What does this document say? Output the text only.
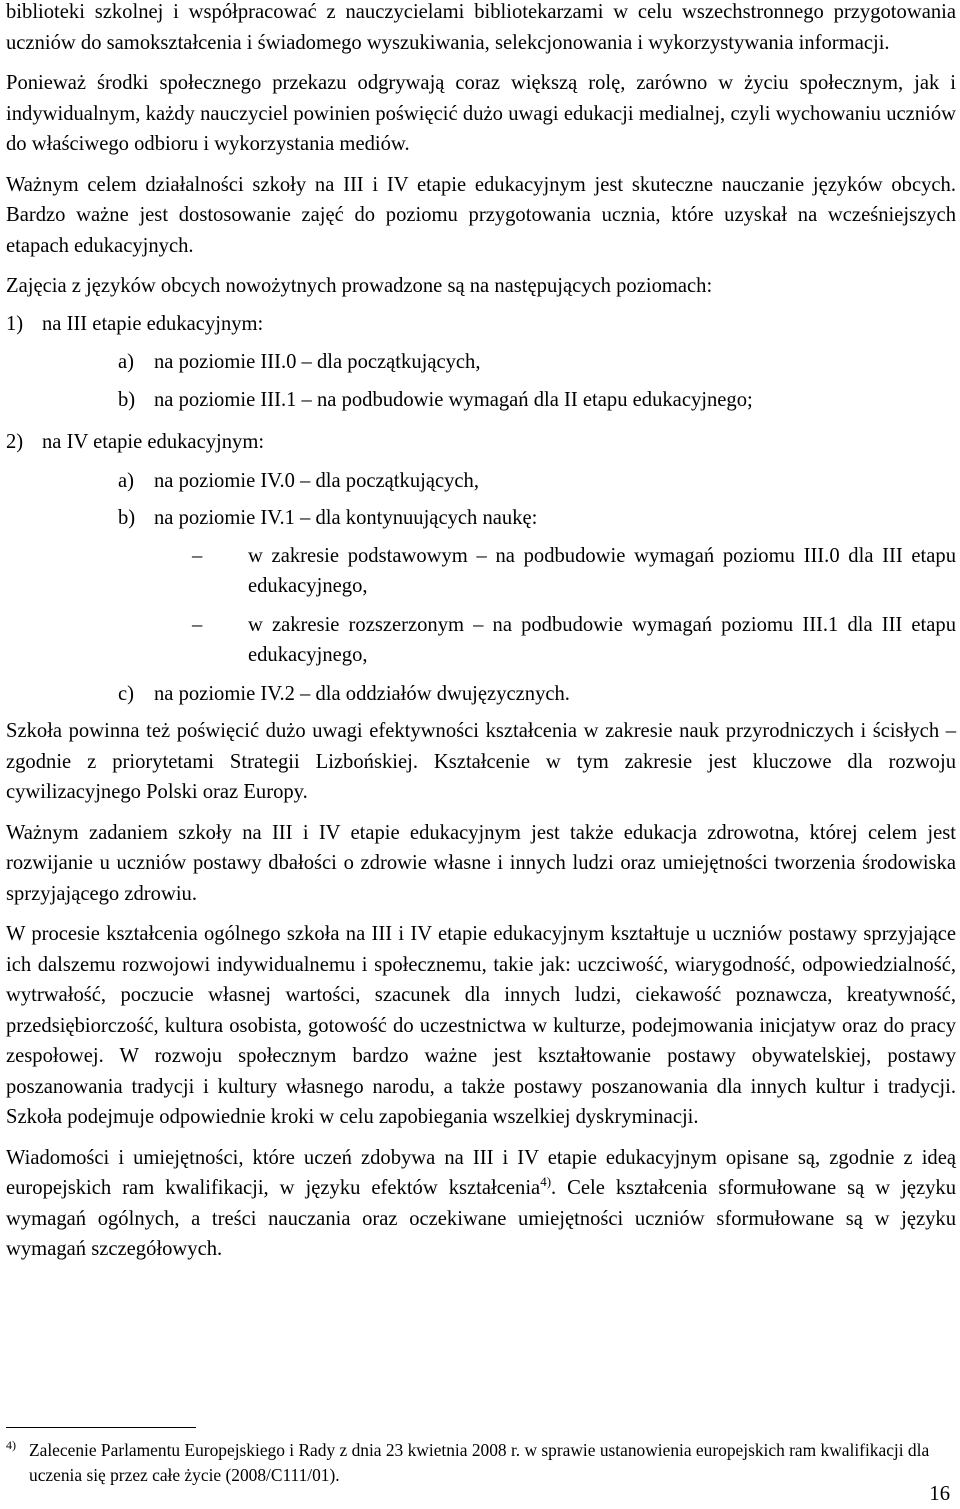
biblioteki szkolnej i współpracować z nauczycielami bibliotekarzami w celu wszechstronnego przygotowania uczniów do samokształcenia i świadomego wyszukiwania, selekcjonowania i wykorzystywania informacji.

Ponieważ środki społecznego przekazu odgrywają coraz większą rolę, zarówno w życiu społecznym, jak i indywidualnym, każdy nauczyciel powinien poświęcić dużo uwagi edukacji medialnej, czyli wychowaniu uczniów do właściwego odbioru i wykorzystania mediów.

Ważnym celem działalności szkoły na III i IV etapie edukacyjnym jest skuteczne nauczanie języków obcych. Bardzo ważne jest dostosowanie zajęć do poziomu przygotowania ucznia, które uzyskał na wcześniejszych etapach edukacyjnych.

Zajęcia z języków obcych nowożytnych prowadzone są na następujących poziomach:

1) na III etapie edukacyjnym:
a) na poziomie III.0 – dla początkujących,
b) na poziomie III.1 – na podbudowie wymagań dla II etapu edukacyjnego;
2) na IV etapie edukacyjnym:
a) na poziomie IV.0 – dla początkujących,
b) na poziomie IV.1 – dla kontynuujących naukę:
– w zakresie podstawowym – na podbudowie wymagań poziomu III.0 dla III etapu edukacyjnego,
– w zakresie rozszerzonym – na podbudowie wymagań poziomu III.1 dla III etapu edukacyjnego,
c) na poziomie IV.2 – dla oddziałów dwujęzycznych.

Szkoła powinna też poświęcić dużo uwagi efektywności kształcenia w zakresie nauk przyrodniczych i ścisłych – zgodnie z priorytetami Strategii Lizbońskiej. Kształcenie w tym zakresie jest kluczowe dla rozwoju cywilizacyjnego Polski oraz Europy.

Ważnym zadaniem szkoły na III i IV etapie edukacyjnym jest także edukacja zdrowotna, której celem jest rozwijanie u uczniów postawy dbałości o zdrowie własne i innych ludzi oraz umiejętności tworzenia środowiska sprzyjającego zdrowiu.

W procesie kształcenia ogólnego szkoła na III i IV etapie edukacyjnym kształtuje u uczniów postawy sprzyjające ich dalszemu rozwojowi indywidualnemu i społecznemu, takie jak: uczciwość, wiarygodność, odpowiedzialność, wytrwałość, poczucie własnej wartości, szacunek dla innych ludzi, ciekawość poznawcza, kreatywność, przedsiębiorczość, kultura osobista, gotowość do uczestnictwa w kulturze, podejmowania inicjatyw oraz do pracy zespołowej. W rozwoju społecznym bardzo ważne jest kształtowanie postawy obywatelskiej, postawy poszanowania tradycji i kultury własnego narodu, a także postawy poszanowania dla innych kultur i tradycji. Szkoła podejmuje odpowiednie kroki w celu zapobiegania wszelkiej dyskryminacji.

Wiadomości i umiejętności, które uczeń zdobywa na III i IV etapie edukacyjnym opisane są, zgodnie z ideą europejskich ram kwalifikacji, w języku efektów kształcenia$^{4)}$. Cele kształcenia sformułowane są w języku wymagań ogólnych, a treści nauczania oraz oczekiwane umiejętności uczniów sformułowane są w języku wymagań szczegółowych.

4) Zalecenie Parlamentu Europejskiego i Rady z dnia 23 kwietnia 2008 r. w sprawie ustanowienia europejskich ram kwalifikacji dla uczenia się przez całe życie (2008/C111/01).
16
